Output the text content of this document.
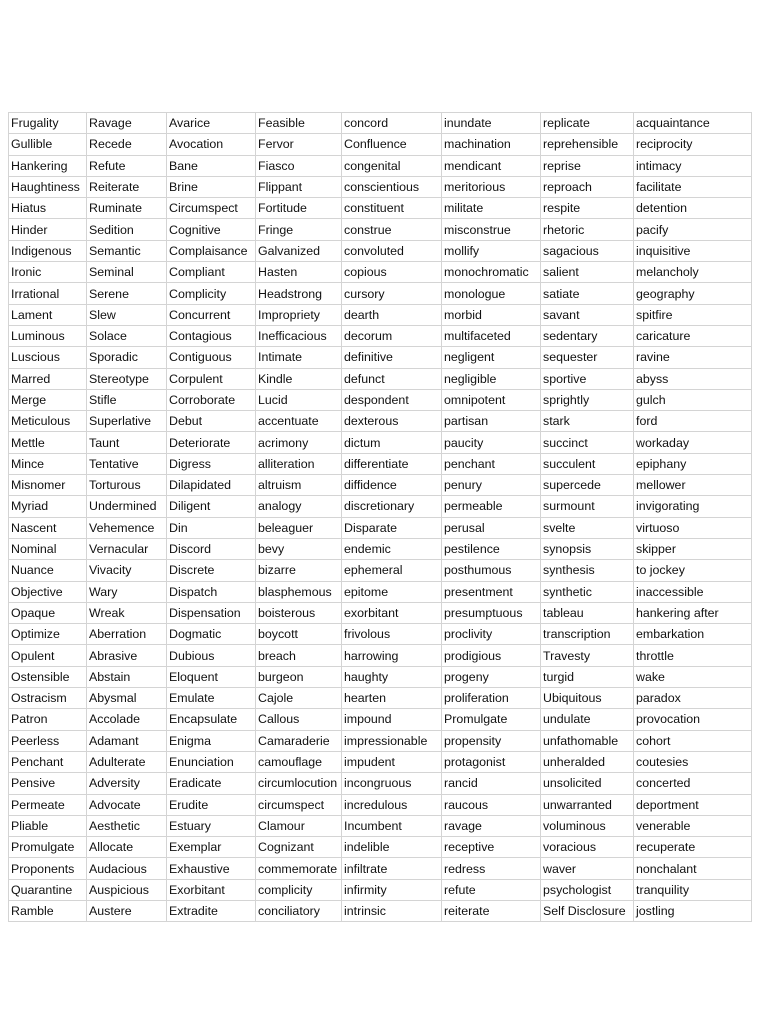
Frugality	Ravage	Avarice	Feasible	concord	inundate	replicate	acquaintance
Gullible	Recede	Avocation	Fervor	Confluence	machination	reprehensible	reciprocity
Hankering	Refute	Bane	Fiasco	congenital	mendicant	reprise	intimacy
Haughtiness	Reiterate	Brine	Flippant	conscientious	meritorious	reproach	facilitate
Hiatus	Ruminate	Circumspect	Fortitude	constituent	militate	respite	detention
Hinder	Sedition	Cognitive	Fringe	construe	misconstrue	rhetoric	pacify
Indigenous	Semantic	Complaisance	Galvanized	convoluted	mollify	sagacious	inquisitive
Ironic	Seminal	Compliant	Hasten	copious	monochromatic	salient	melancholy
Irrational	Serene	Complicity	Headstrong	cursory	monologue	satiate	geography
Lament	Slew	Concurrent	Impropriety	dearth	morbid	savant	spitfire
Luminous	Solace	Contagious	Inefficacious	decorum	multifaceted	sedentary	caricature
Luscious	Sporadic	Contiguous	Intimate	definitive	negligent	sequester	ravine
Marred	Stereotype	Corpulent	Kindle	defunct	negligible	sportive	abyss
Merge	Stifle	Corroborate	Lucid	despondent	omnipotent	sprightly	gulch
Meticulous	Superlative	Debut	accentuate	dexterous	partisan	stark	ford
Mettle	Taunt	Deteriorate	acrimony	dictum	paucity	succinct	workaday
Mince	Tentative	Digress	alliteration	differentiate	penchant	succulent	epiphany
Misnomer	Torturous	Dilapidated	altruism	diffidence	penury	supercede	mellower
Myriad	Undermined	Diligent	analogy	discretionary	permeable	surmount	invigorating
Nascent	Vehemence	Din	beleaguer	Disparate	perusal	svelte	virtuoso
Nominal	Vernacular	Discord	bevy	endemic	pestilence	synopsis	skipper
Nuance	Vivacity	Discrete	bizarre	ephemeral	posthumous	synthesis	to jockey
Objective	Wary	Dispatch	blasphemous	epitome	presentment	synthetic	inaccessible
Opaque	Wreak	Dispensation	boisterous	exorbitant	presumptuous	tableau	hankering after
Optimize	Aberration	Dogmatic	boycott	frivolous	proclivity	transcription	embarkation
Opulent	Abrasive	Dubious	breach	harrowing	prodigious	Travesty	throttle
Ostensible	Abstain	Eloquent	burgeon	haughty	progeny	turgid	wake
Ostracism	Abysmal	Emulate	Cajole	hearten	proliferation	Ubiquitous	paradox
Patron	Accolade	Encapsulate	Callous	impound	Promulgate	undulate	provocation
Peerless	Adamant	Enigma	Camaraderie	impressionable	propensity	unfathomable	cohort
Penchant	Adulterate	Enunciation	camouflage	impudent	protagonist	unheralded	coutesies
Pensive	Adversity	Eradicate	circumlocution	incongruous	rancid	unsolicited	concerted
Permeate	Advocate	Erudite	circumspect	incredulous	raucous	unwarranted	deportment
Pliable	Aesthetic	Estuary	Clamour	Incumbent	ravage	voluminous	venerable
Promulgate	Allocate	Exemplar	Cognizant	indelible	receptive	voracious	recuperate
Proponents	Audacious	Exhaustive	commemorate	infiltrate	redress	waver	nonchalant
Quarantine	Auspicious	Exorbitant	complicity	infirmity	refute	psychologist	tranquility
Ramble	Austere	Extradite	conciliatory	intrinsic	reiterate	Self Disclosure	jostling
